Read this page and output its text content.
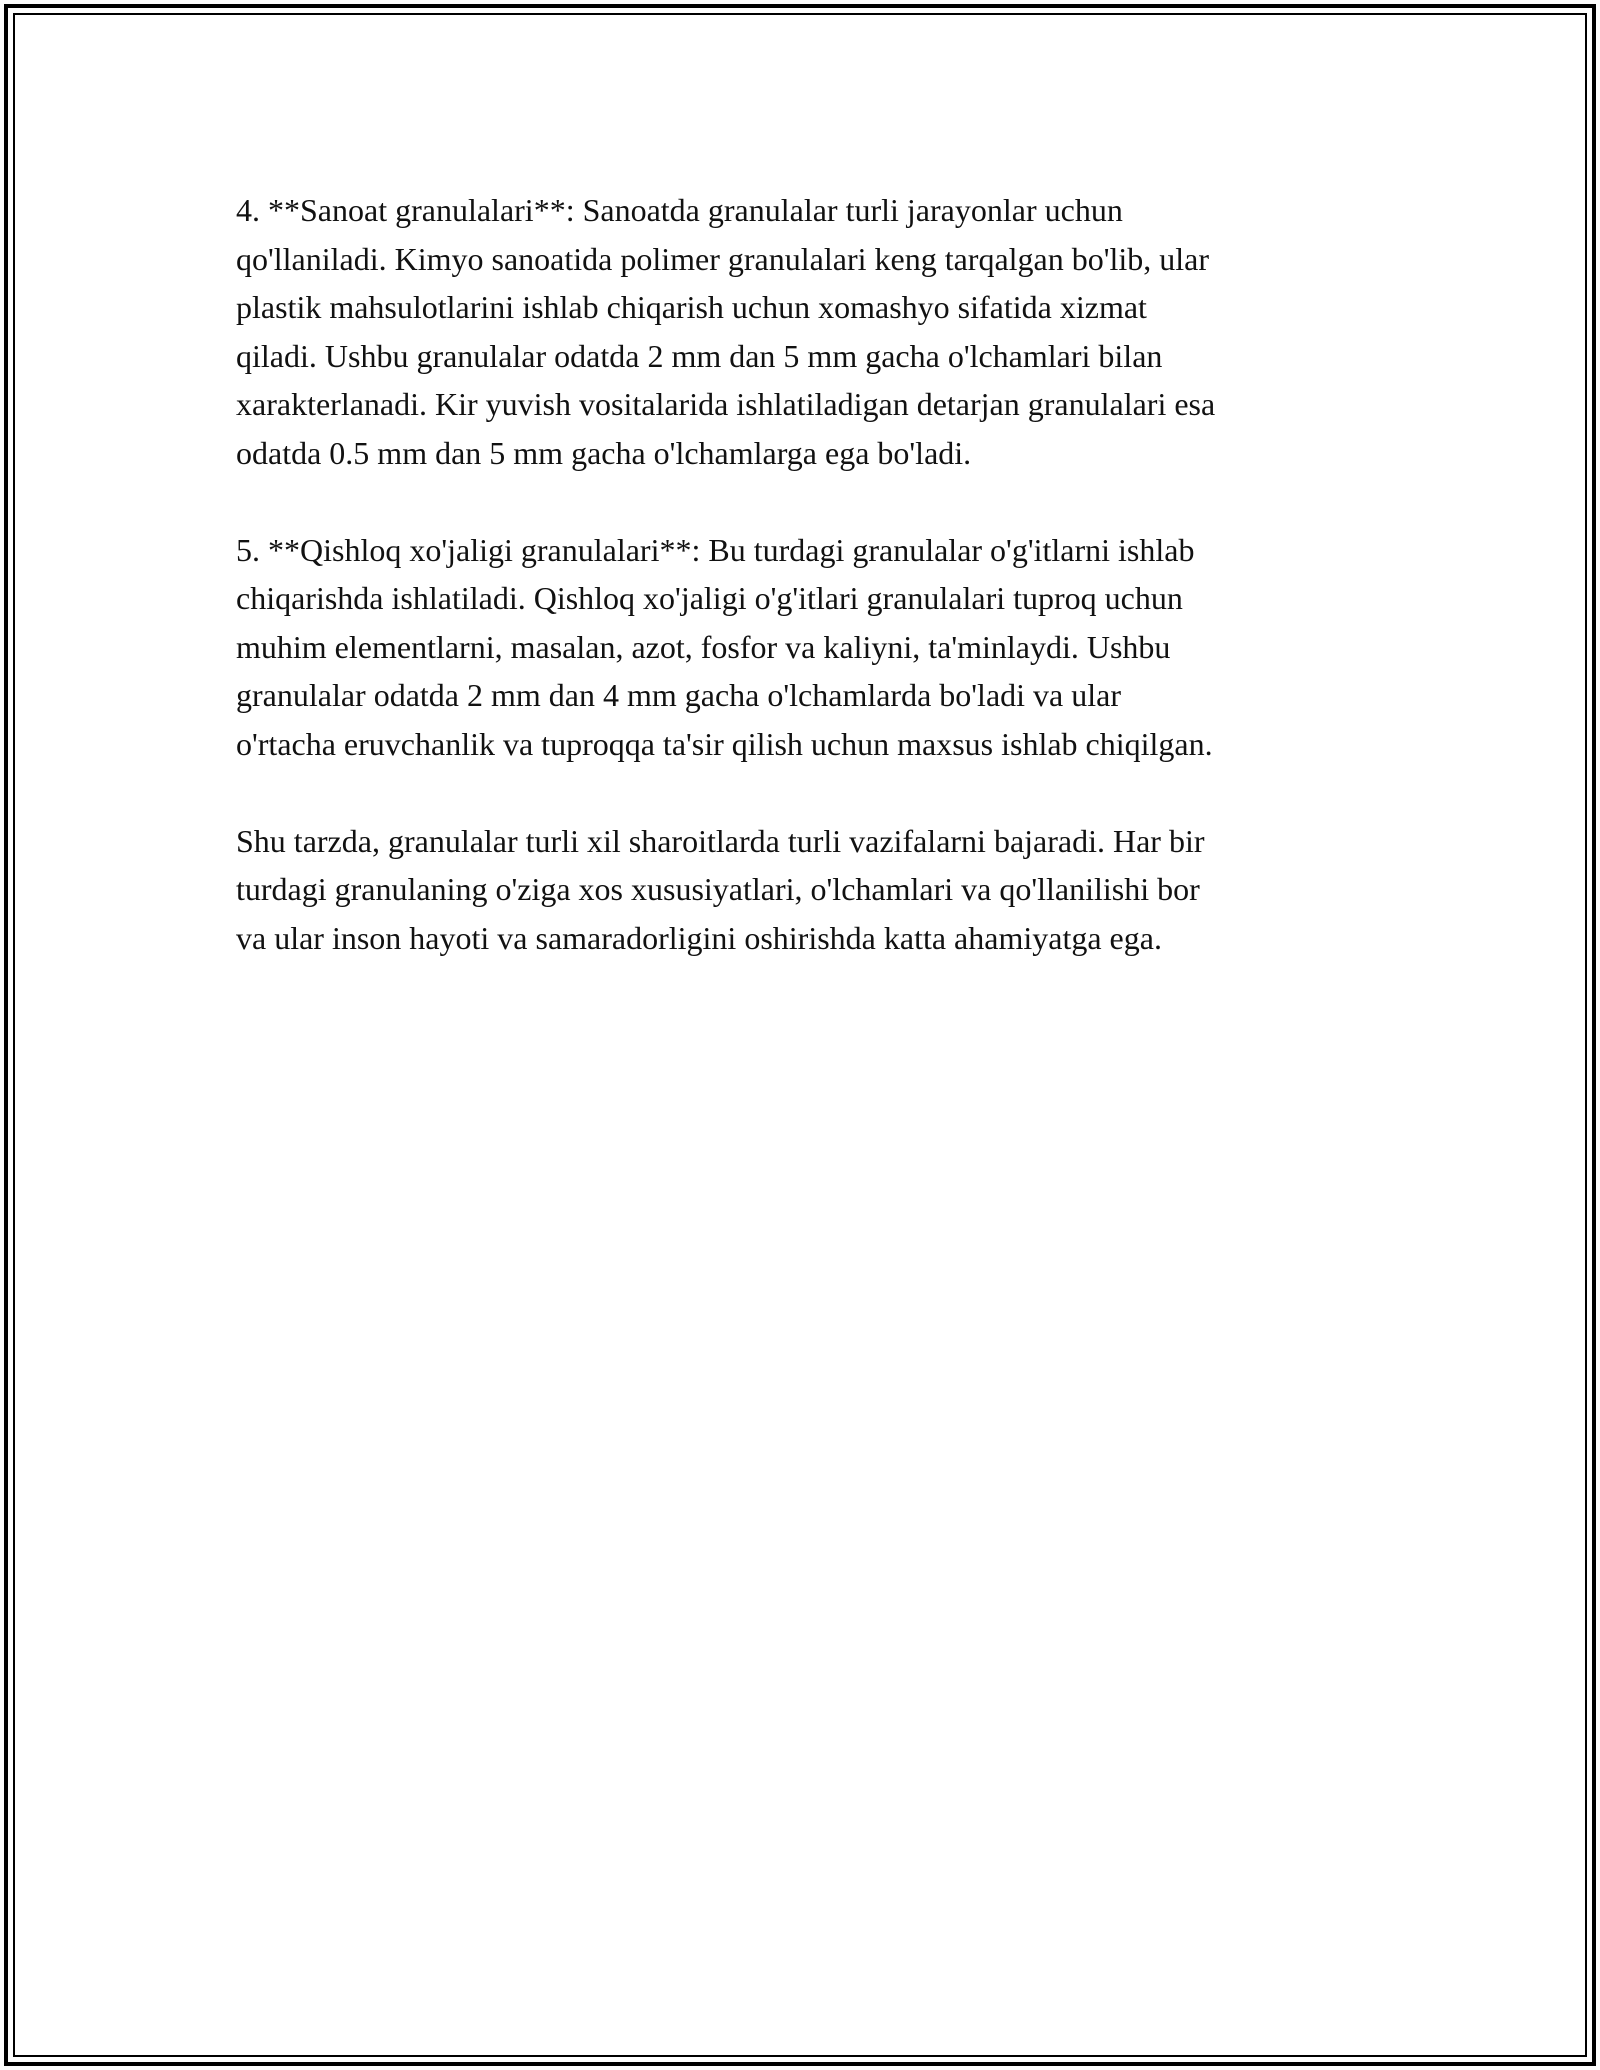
4. **Sanoat granulalari**: Sanoatda granulalar turli jarayonlar uchun
qo'llaniladi. Kimyo sanoatida polimer granulalari keng tarqalgan bo'lib, ular
plastik mahsulotlarini ishlab chiqarish uchun xomashyo sifatida xizmat
qiladi. Ushbu granulalar odatda 2 mm dan 5 mm gacha o'lchamlari bilan
xarakterlanadi. Kir yuvish vositalarida ishlatiladigan detarjan granulalari esa
odatda 0.5 mm dan 5 mm gacha o'lchamlarga ega bo'ladi.

5. **Qishloq xo'jaligi granulalari**: Bu turdagi granulalar o'g'itlarni ishlab
chiqarishda ishlatiladi. Qishloq xo'jaligi o'g'itlari granulalari tuproq uchun
muhim elementlarni, masalan, azot, fosfor va kaliyni, ta'minlaydi. Ushbu
granulalar odatda 2 mm dan 4 mm gacha o'lchamlarda bo'ladi va ular
o'rtacha eruvchanlik va tuproqqa ta'sir qilish uchun maxsus ishlab chiqilgan.

Shu tarzda, granulalar turli xil sharoitlarda turli vazifalarni bajaradi. Har bir
turdagi granulaning o'ziga xos xususiyatlari, o'lchamlari va qo'llanilishi bor
va ular inson hayoti va samaradorligini oshirishda katta ahamiyatga ega.
